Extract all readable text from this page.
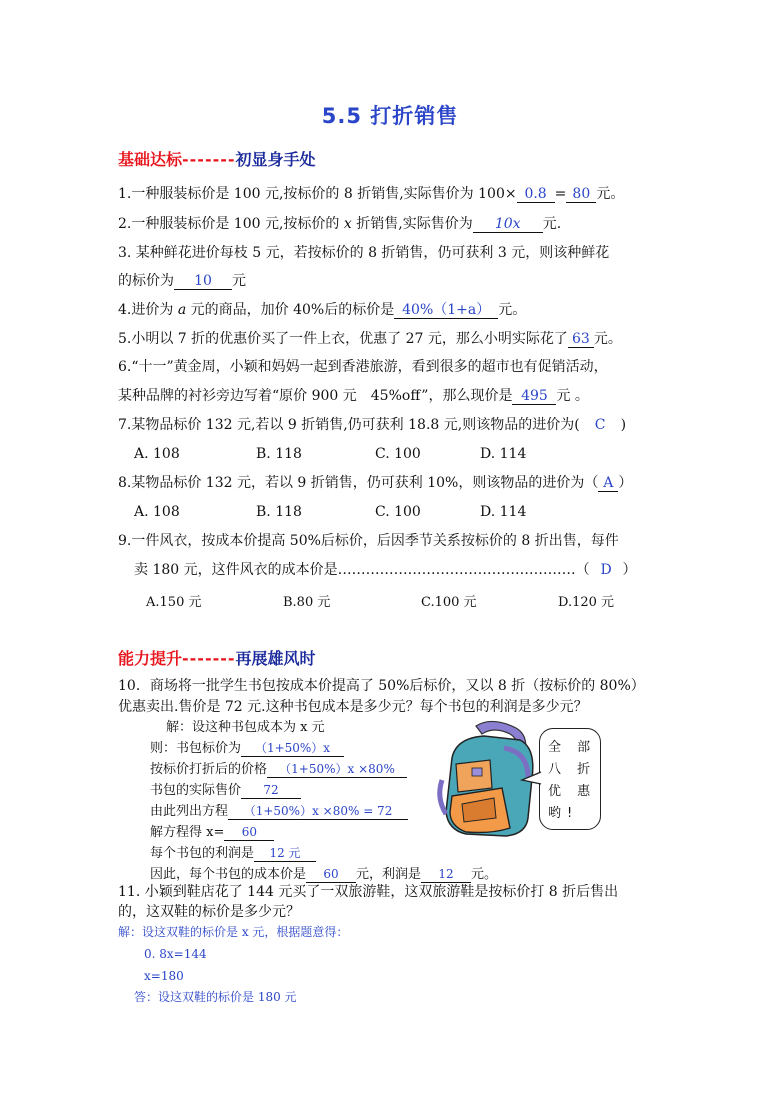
5.5 打折销售
基础达标-------初显身手处
1.一种服装标价是 100 元,按标价的 8 折销售,实际售价为 100× 0.8 = 80 元。
2.一种服装标价是 100 元,按标价的 x 折销售,实际售价为 10x 元.
3. 某种鲜花进价每枝 5 元，若按标价的 8 折销售，仍可获利 3 元，则该种鲜花
的标价为 10 元
4.进价为 a 元的商品，加价 40%后的标价是 40%（1+a） 元。
5.小明以 7 折的优惠价买了一件上衣，优惠了 27 元，那么小明实际花了 63 元。
6.“十一”黄金周，小颖和妈妈一起到香港旅游，看到很多的超市也有促销活动，
某种品牌的衬衫旁边写着“原价 900 元　45%off”，那么现价是 495 元 。
7.某物品标价 132 元,若以 9 折销售,仍可获利 18.8 元,则该物品的进价为( C )
A. 108	B. 118	C. 100	D. 114
8.某物品标价 132 元，若以 9 折销售，仍可获利 10%，则该物品的进价为（ A ）
A. 108	B. 118	C. 100	D. 114
9.一件风衣，按成本价提高 50%后标价，后因季节关系按标价的 8 折出售，每件
卖 180 元，这件风衣的成本价是……………………………………………（ D ）
A.150 元	B.80 元	C.100 元	D.120 元
能力提升-------再展雄风时
10．商场将一批学生书包按成本价提高了 50%后标价，又以 8 折（按标价的 80%）
优惠卖出.售价是 72 元.这种书包成本是多少元？每个书包的利润是多少元？
解：设这种书包成本为 x 元
则：书包标价为 （1+50%）x
按标价打折后的价格 （1+50%）x ×80%
书包的实际售价 72
由此列出方程 （1+50%）x ×80% = 72
解方程得 x= 60
每个书包的利润是 12 元
因此，每个书包的成本价是 60 元，利润是 12 元。
全 部
八 折
优 惠
哟!
11. 小颖到鞋店花了 144 元买了一双旅游鞋，这双旅游鞋是按标价打 8 折后售出
的，这双鞋的标价是多少元？
解：设这双鞋的标价是 x 元，根据题意得：
0. 8x=144
x=180
答：设这双鞋的标价是 180 元
